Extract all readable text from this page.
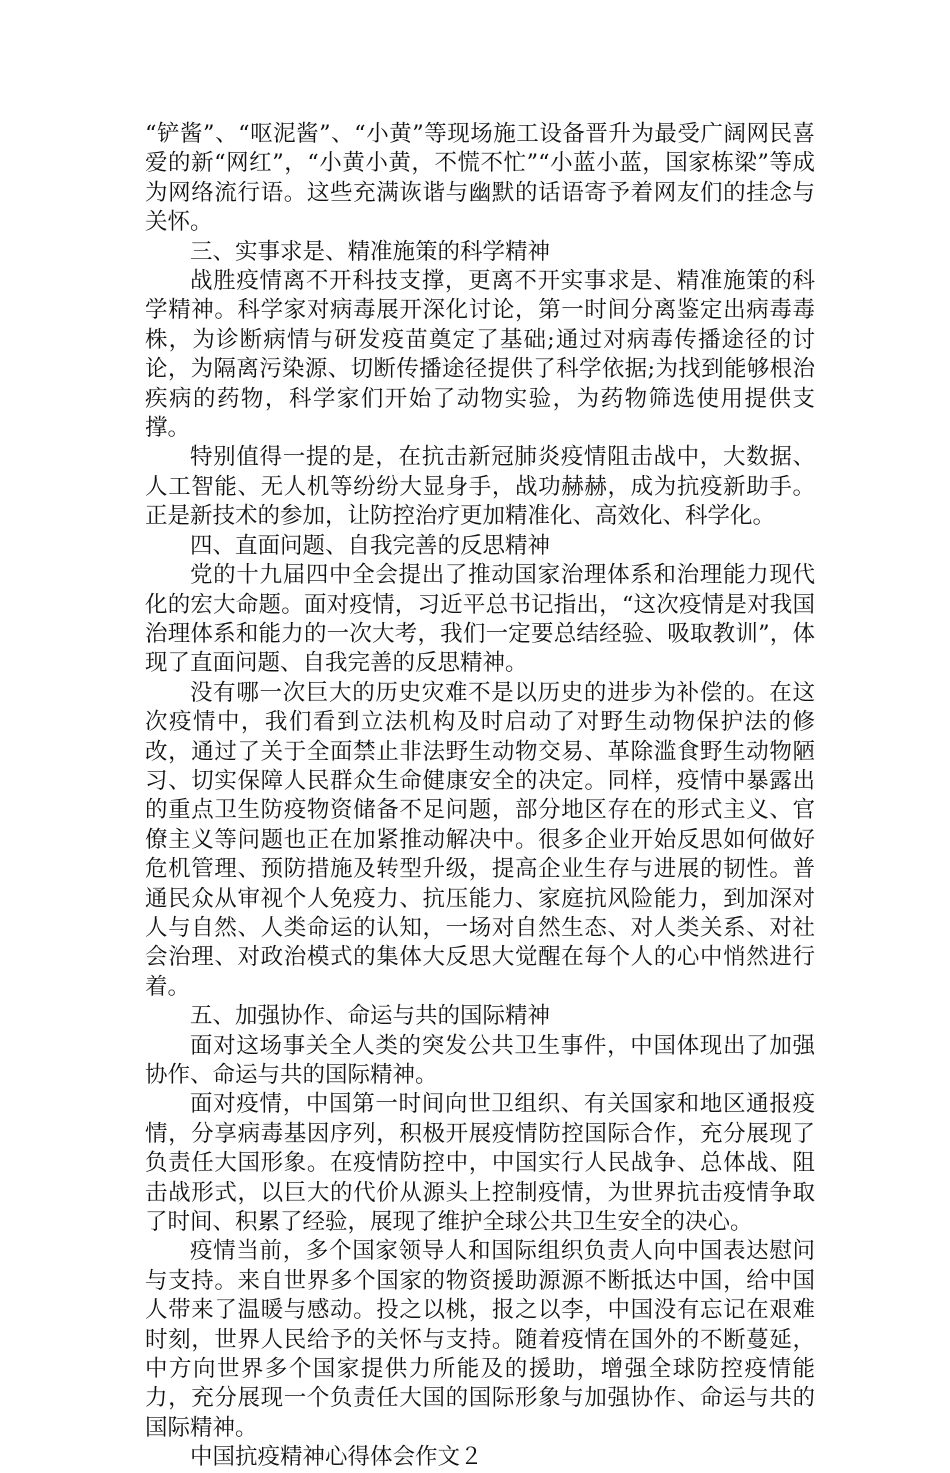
“铲酱”、“呕泥酱”、“小黄”等现场施工设备晋升为最受广阔网民喜爱的新“网红”，“小黄小黄，不慌不忙”“小蓝小蓝，国家栋梁”等成为网络流行语。这些充满诙谐与幽默的话语寄予着网友们的挂念与关怀。

三、实事求是、精准施策的科学精神

战胜疫情离不开科技支撑，更离不开实事求是、精准施策的科学精神。科学家对病毒展开深化讨论，第一时间分离鉴定出病毒毒株，为诊断病情与研发疫苗奠定了基础;通过对病毒传播途径的讨论，为隔离污染源、切断传播途径提供了科学依据;为找到能够根治疾病的药物，科学家们开始了动物实验，为药物筛选使用提供支撑。

特别值得一提的是，在抗击新冠肺炎疫情阻击战中，大数据、人工智能、无人机等纷纷大显身手，战功赫赫，成为抗疫新助手。正是新技术的参加，让防控治疗更加精准化、高效化、科学化。

四、直面问题、自我完善的反思精神

党的十九届四中全会提出了推动国家治理体系和治理能力现代化的宏大命题。面对疫情，习近平总书记指出，“这次疫情是对我国治理体系和能力的一次大考，我们一定要总结经验、吸取教训”，体现了直面问题、自我完善的反思精神。

没有哪一次巨大的历史灾难不是以历史的进步为补偿的。在这次疫情中，我们看到立法机构及时启动了对野生动物保护法的修改，通过了关于全面禁止非法野生动物交易、革除滥食野生动物陋习、切实保障人民群众生命健康安全的决定。同样，疫情中暴露出的重点卫生防疫物资储备不足问题，部分地区存在的形式主义、官僚主义等问题也正在加紧推动解决中。很多企业开始反思如何做好危机管理、预防措施及转型升级，提高企业生存与进展的韧性。普通民众从审视个人免疫力、抗压能力、家庭抗风险能力，到加深对人与自然、人类命运的认知，一场对自然生态、对人类关系、对社会治理、对政治模式的集体大反思大觉醒在每个人的心中悄然进行着。

五、加强协作、命运与共的国际精神

面对这场事关全人类的突发公共卫生事件，中国体现出了加强协作、命运与共的国际精神。

面对疫情，中国第一时间向世卫组织、有关国家和地区通报疫情，分享病毒基因序列，积极开展疫情防控国际合作，充分展现了负责任大国形象。在疫情防控中，中国实行人民战争、总体战、阻击战形式，以巨大的代价从源头上控制疫情，为世界抗击疫情争取了时间、积累了经验，展现了维护全球公共卫生安全的决心。

疫情当前，多个国家领导人和国际组织负责人向中国表达慰问与支持。来自世界多个国家的物资援助源源不断抵达中国，给中国人带来了温暖与感动。投之以桃，报之以李，中国没有忘记在艰难时刻，世界人民给予的关怀与支持。随着疫情在国外的不断蔓延，中方向世界多个国家提供力所能及的援助，增强全球防控疫情能力，充分展现一个负责任大国的国际形象与加强协作、命运与共的国际精神。

中国抗疫精神心得体会作文２
